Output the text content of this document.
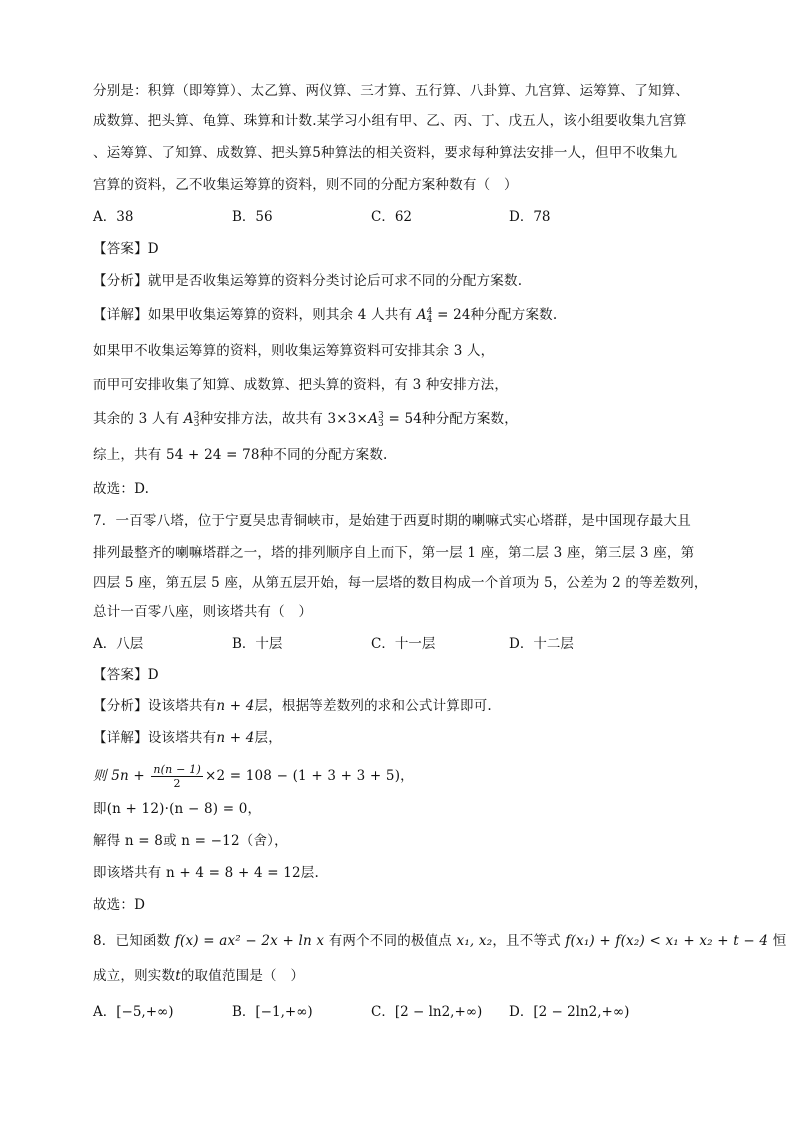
分别是：积算（即筹算）、太乙算、两仪算、三才算、五行算、八卦算、九宫算、运筹算、了知算、
成数算、把头算、龟算、珠算和计数.某学习小组有甲、乙、丙、丁、戊五人，该小组要收集九宫算
、运筹算、了知算、成数算、把头算5种算法的相关资料，要求每种算法安排一人，但甲不收集九
宫算的资料，乙不收集运筹算的资料，则不同的分配方案种数有（　）
A．38	B．56	C．62	D．78
【答案】D
【分析】就甲是否收集运筹算的资料分类讨论后可求不同的分配方案数.
【详解】如果甲收集运筹算的资料，则其余 4 人共有 A 4
4 = 24种分配方案数.
如果甲不收集运筹算的资料，则收集运筹算资料可安排其余 3 人，
而甲可安排收集了知算、成数算、把头算的资料，有 3 种安排方法，
其余的 3 人有 A 3
3 种安排方法，故共有 3×3×A 3
3 = 54种分配方案数，
综上，共有 54 + 24 = 78种不同的分配方案数.
故选：D.
7．一百零八塔，位于宁夏吴忠青铜峡市，是始建于西夏时期的喇嘛式实心塔群，是中国现存最大且
排列最整齐的喇嘛塔群之一，塔的排列顺序自上而下，第一层 1 座，第二层 3 座，第三层 3 座，第
四层 5 座，第五层 5 座，从第五层开始，每一层塔的数目构成一个首项为 5，公差为 2 的等差数列，
总计一百零八座，则该塔共有（　）
A．八层	B．十层	C．十一层	D．十二层
【答案】D
【分析】设该塔共有n + 4层，根据等差数列的求和公式计算即可.
【详解】设该塔共有n + 4层，
则 $5n + \frac{n(n - 1)}{2} \times 2 = 108 - (1 + 3 + 3 + 5)$，
即(n + 12)·(n − 8) = 0，
解得 n = 8或 n = −12（舍），
即该塔共有 n + 4 = 8 + 4 = 12层.
故选：D
8．已知函数 f(x) = ax² − 2x + ln x 有两个不同的极值点 x₁, x₂，且不等式 f(x₁) + f(x₂) < x₁ + x₂ + t − 4 恒
成立，则实数t的取值范围是（　）
A．[−5,+∞)	B．[−1,+∞)	C．[2 − ln2,+∞) D．[2 − 2ln2,+∞)
